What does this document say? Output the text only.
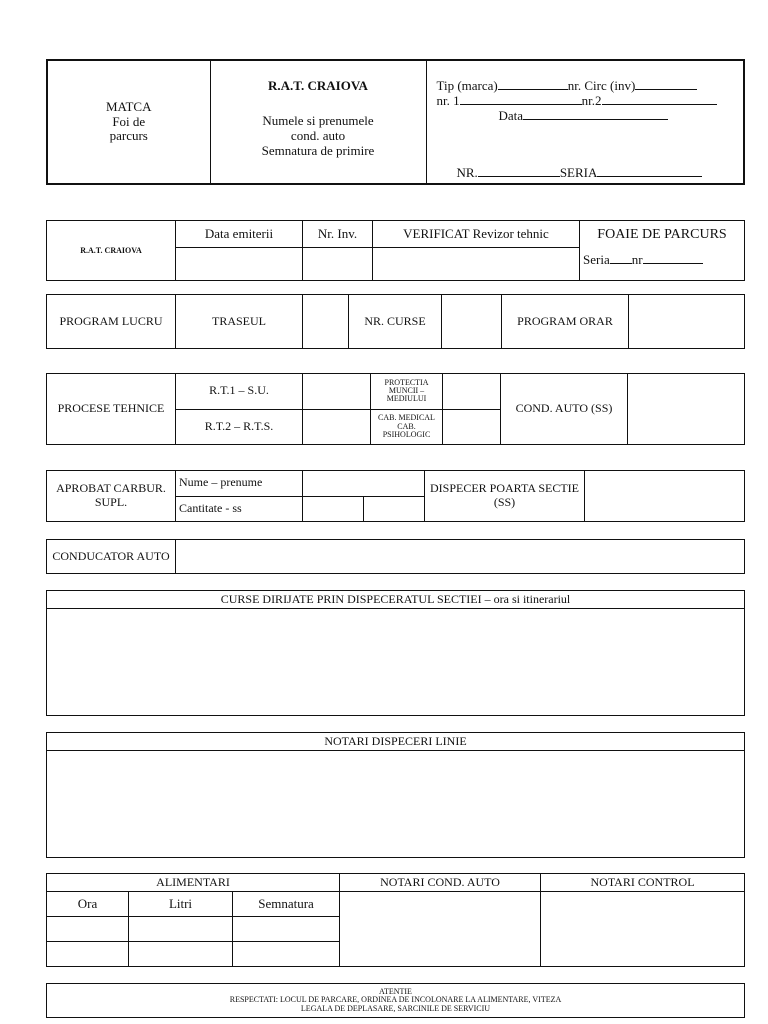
MATCA
Foi de
parcurs

R.A.T. CRAIOVA
Numele si prenumele
cond. auto
Semnatura de primire

Tip (marca)	nr. Circ (inv)
nr. 1	nr.2
Data
NR.	SERIA
R.A.T. CRAIOVA	Data emiterii	Nr. Inv.	VERIFICAT Revizor tehnic	FOAIE DE PARCURS
Seria nr

PROGRAM LUCRU	TRASEUL		NR. CURSE		PROGRAM ORAR	
PROCESE TEHNICE	R.T.1 – S.U.		PROTECTIA MUNCII – MEDIULUI		COND. AUTO (SS)	
	R.T.2 – R.T.S.		CAB. MEDICAL CAB. PSIHOLOGIC			
APROBAT CARBUR. SUPL.	Nume – prenume			DISPECER POARTA SECTIE (SS)	
	Cantitate - ss				
CONDUCATOR AUTO	
CURSE DIRIJATE PRIN DISPECERATUL SECTIEI – ora si itinerariul

NOTARI DISPECERI LINIE

ALIMENTARI			NOTARI COND. AUTO	NOTARI CONTROL
Ora	Litri	Semnatura		

ATENTIE
RESPECTATI: LOCUL DE PARCARE, ORDINEA DE INCOLONARE LA ALIMENTARE, VITEZA
LEGALA DE DEPLASARE, SARCINILE DE SERVICIU
